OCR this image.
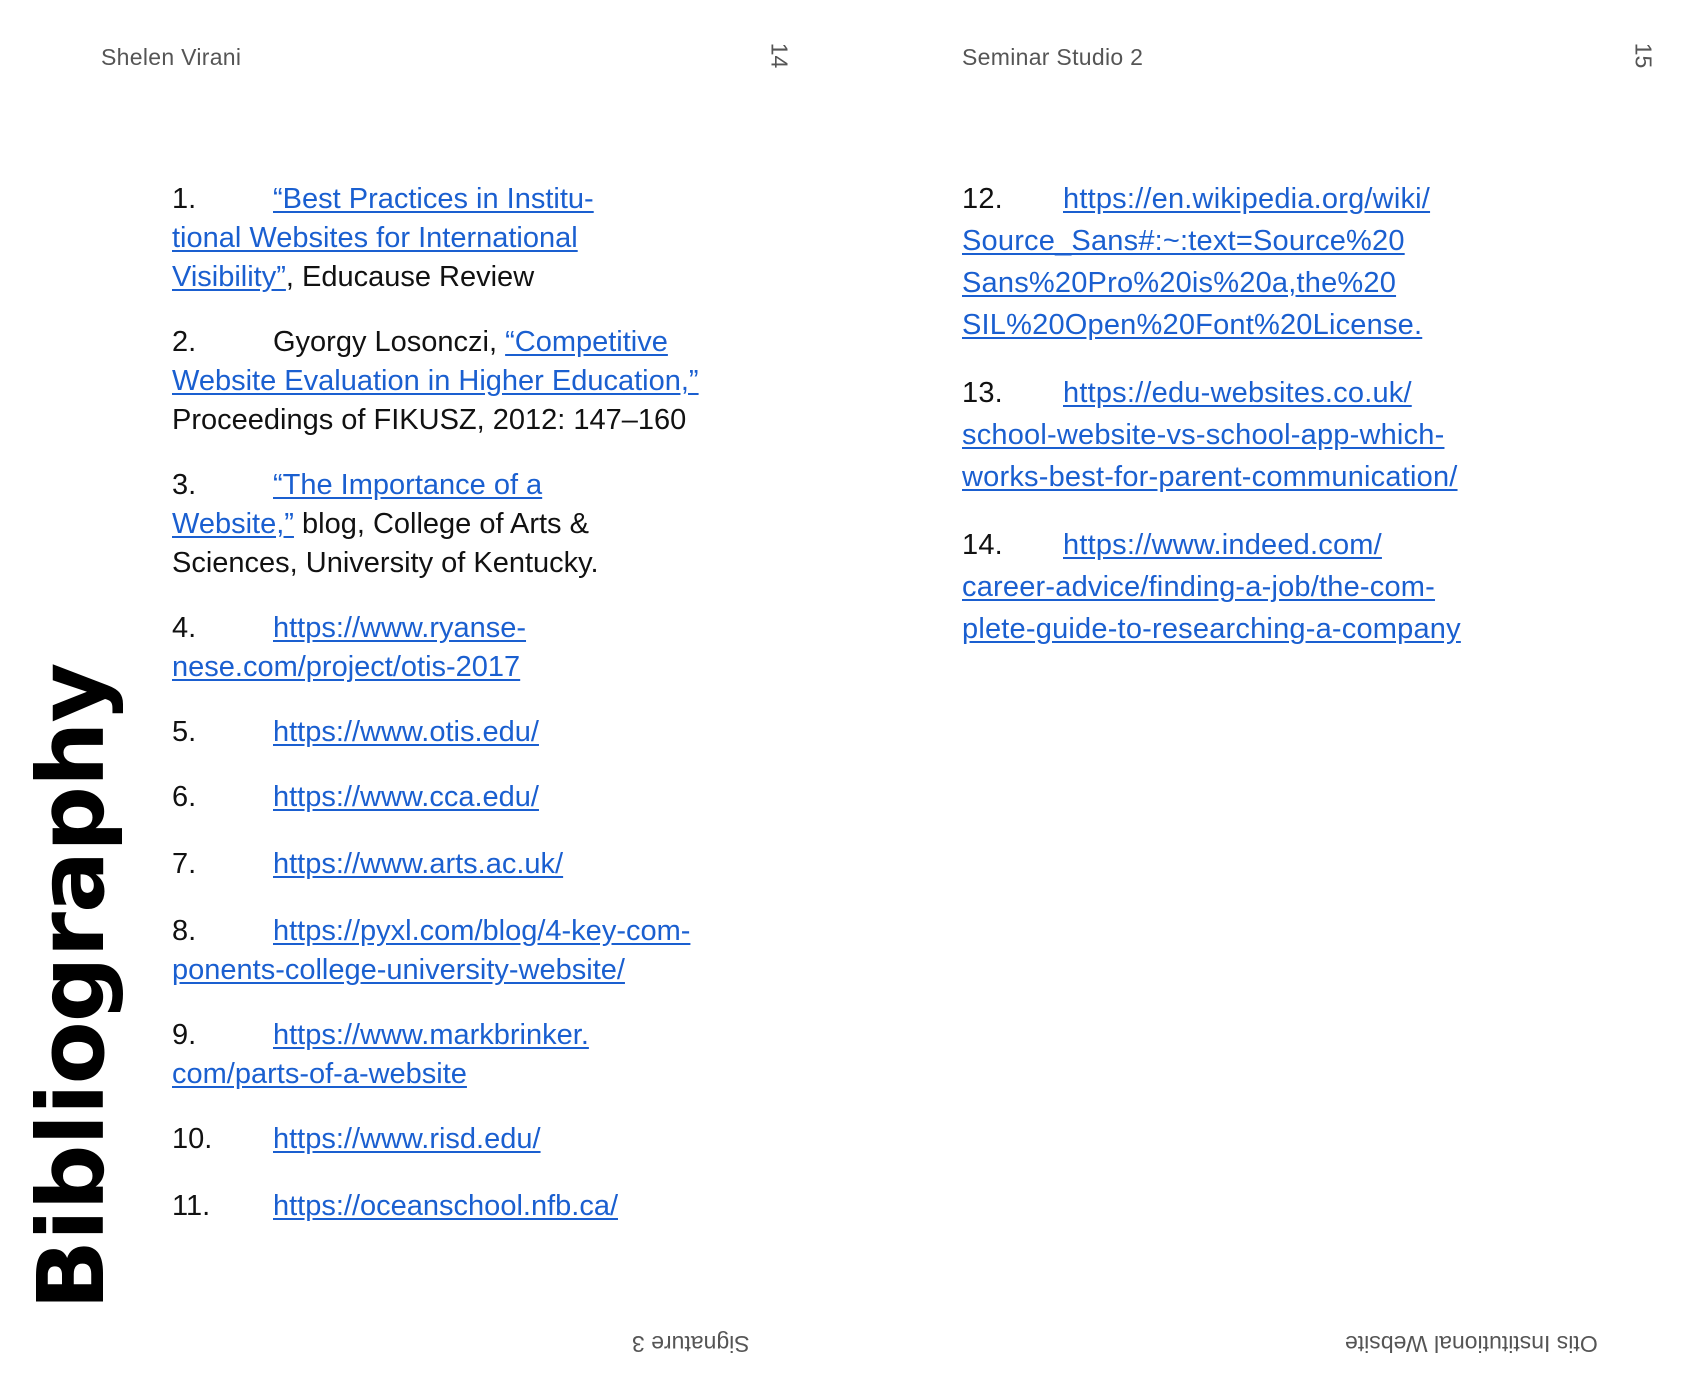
Shelen Virani	14	Seminar Studio 2	15
Bibliography

1.	“Best Practices in Institu-
tional Websites for International
Visibility”, Educause Review

2.	Gyorgy Losonczi, “Competitive
Website Evaluation in Higher Education,”
Proceedings of FIKUSZ, 2012: 147–160

3.	“The Importance of a
Website,” blog, College of Arts &
Sciences, University of Kentucky.

4.	https://www.ryanse-
nese.com/project/otis-2017

5.	https://www.otis.edu/

6.	https://www.cca.edu/

7.	https://www.arts.ac.uk/

8.	https://pyxl.com/blog/4-key-com-
ponents-college-university-website/

9.	https://www.markbrinker.
com/parts-of-a-website

10. https://www.risd.edu/

11. https://oceanschool.nfb.ca/

12. https://en.wikipedia.org/wiki/
Source_Sans#:~:text=Source%20
Sans%20Pro%20is%20a,the%20
SIL%20Open%20Font%20License.

13. https://edu-websites.co.uk/
school-website-vs-school-app-which-
works-best-for-parent-communication/

14. https://www.indeed.com/
career-advice/finding-a-job/the-com-
plete-guide-to-researching-a-company

Signature 3	Otis Institutional Website
